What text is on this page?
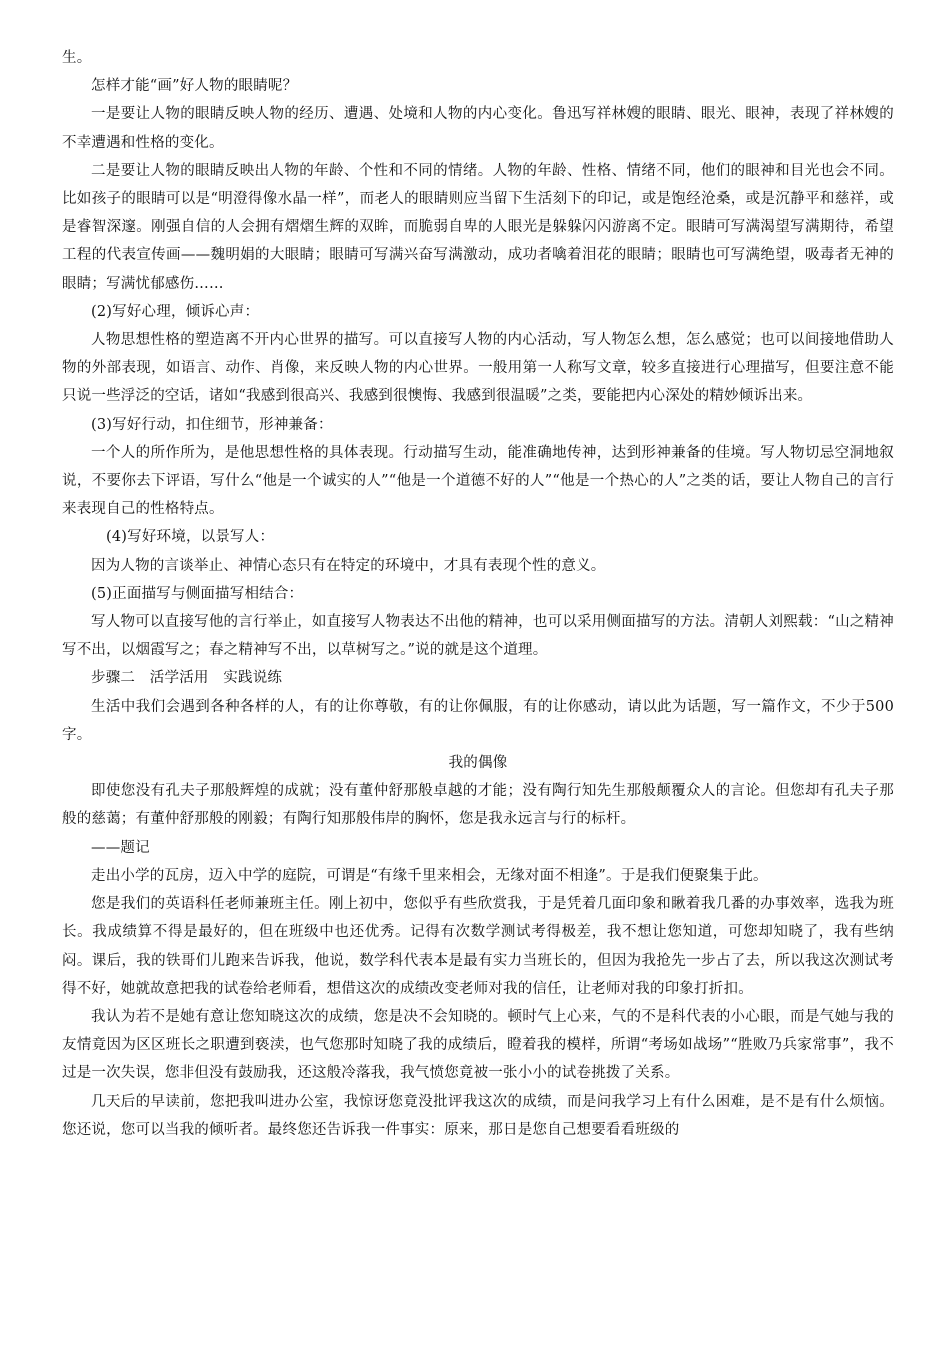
生。

怎样才能“画”好人物的眼睛呢？

一是要让人物的眼睛反映人物的经历、遭遇、处境和人物的内心变化。鲁迅写祥林嫂的眼睛、眼光、眼神，表现了祥林嫂的不幸遭遇和性格的变化。

二是要让人物的眼睛反映出人物的年龄、个性和不同的情绪。人物的年龄、性格、情绪不同，他们的眼神和目光也会不同。比如孩子的眼睛可以是“明澄得像水晶一样”，而老人的眼睛则应当留下生活刻下的印记，或是饱经沧桑，或是沉静平和慈祥，或是睿智深邃。刚强自信的人会拥有熠熠生辉的双眸，而脆弱自卑的人眼光是躲躲闪闪游离不定。眼睛可写满渴望写满期待，希望工程的代表宣传画——魏明娟的大眼睛；眼睛可写满兴奋写满激动，成功者噙着泪花的眼睛；眼睛也可写满绝望，吸毒者无神的眼睛；写满忧郁感伤……

(2)写好心理，倾诉心声：

人物思想性格的塑造离不开内心世界的描写。可以直接写人物的内心活动，写人物怎么想，怎么感觉；也可以间接地借助人物的外部表现，如语言、动作、肖像，来反映人物的内心世界。一般用第一人称写文章，较多直接进行心理描写，但要注意不能只说一些浮泛的空话，诸如“我感到很高兴、我感到很懊悔、我感到很温暖”之类，要能把内心深处的精妙倾诉出来。

(3)写好行动，扣住细节，形神兼备：

一个人的所作所为，是他思想性格的具体表现。行动描写生动，能准确地传神，达到形神兼备的佳境。写人物切忌空洞地叙说，不要你去下评语，写什么“他是一个诚实的人”“他是一个道德不好的人”“他是一个热心的人”之类的话，要让人物自己的言行来表现自己的性格特点。

(4)写好环境，以景写人：

因为人物的言谈举止、神情心态只有在特定的环境中，才具有表现个性的意义。

(5)正面描写与侧面描写相结合：

写人物可以直接写他的言行举止，如直接写人物表达不出他的精神，也可以采用侧面描写的方法。清朝人刘熙载：“山之精神写不出，以烟霞写之；春之精神写不出，以草树写之。”说的就是这个道理。

步骤二　活学活用　实践说练

生活中我们会遇到各种各样的人，有的让你尊敬，有的让你佩服，有的让你感动，请以此为话题，写一篇作文，不少于500字。

我的偶像

即使您没有孔夫子那般辉煌的成就；没有董仲舒那般卓越的才能；没有陶行知先生那般颠覆众人的言论。但您却有孔夫子那般的慈蔼；有董仲舒那般的刚毅；有陶行知那般伟岸的胸怀，您是我永远言与行的标杆。

——题记

走出小学的瓦房，迈入中学的庭院，可谓是“有缘千里来相会，无缘对面不相逢”。于是我们便聚集于此。

您是我们的英语科任老师兼班主任。刚上初中，您似乎有些欣赏我，于是凭着几面印象和瞅着我几番的办事效率，选我为班长。我成绩算不得是最好的，但在班级中也还优秀。记得有次数学测试考得极差，我不想让您知道，可您却知晓了，我有些纳闷。课后，我的铁哥们儿跑来告诉我，他说，数学科代表本是最有实力当班长的，但因为我抢先一步占了去，所以我这次测试考得不好，她就故意把我的试卷给老师看，想借这次的成绩改变老师对我的信任，让老师对我的印象打折扣。

我认为若不是她有意让您知晓这次的成绩，您是决不会知晓的。顿时气上心来，气的不是科代表的小心眼，而是气她与我的友情竟因为区区班长之职遭到亵渎，也气您那时知晓了我的成绩后，瞪着我的模样，所谓“考场如战场”“胜败乃兵家常事”，我不过是一次失误，您非但没有鼓励我，还这般冷落我，我气愤您竟被一张小小的试卷挑拨了关系。

几天后的早读前，您把我叫进办公室，我惊讶您竟没批评我这次的成绩，而是问我学习上有什么困难，是不是有什么烦恼。您还说，您可以当我的倾听者。最终您还告诉我一件事实：原来，那日是您自己想要看看班级的
